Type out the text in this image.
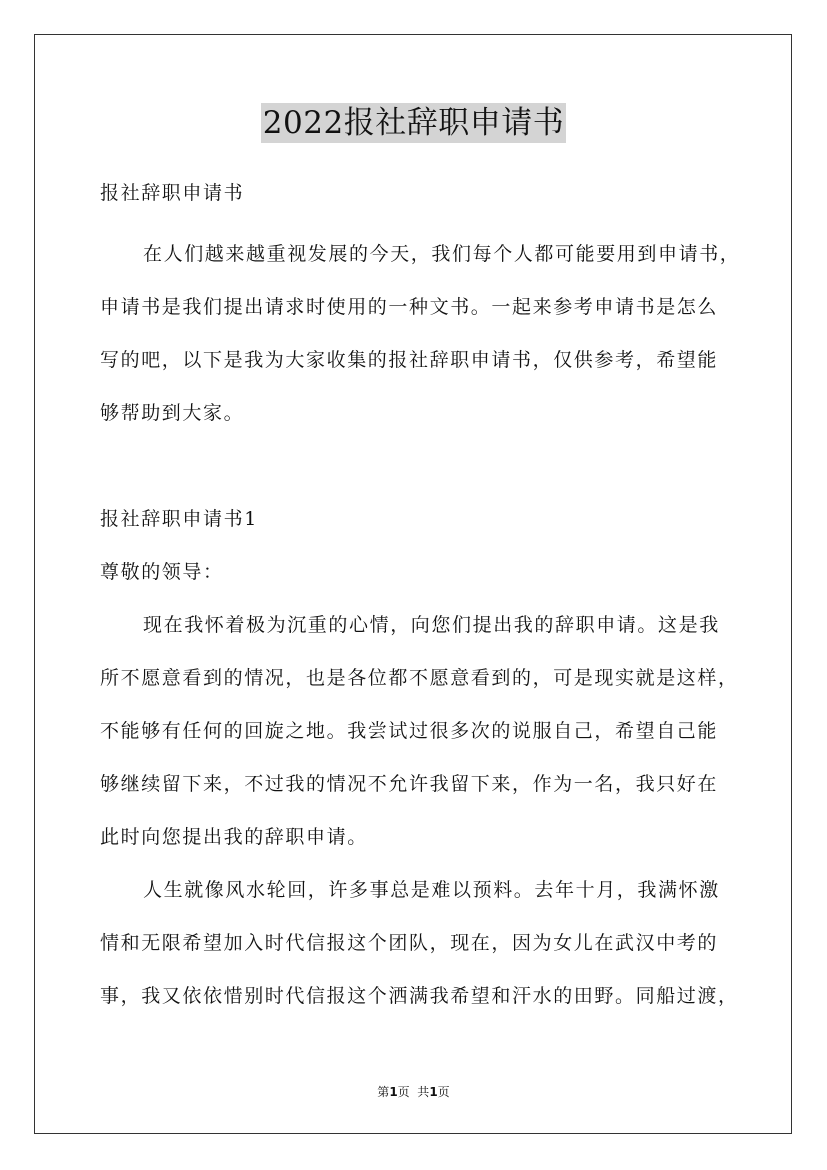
2022报社辞职申请书
报社辞职申请书
在人们越来越重视发展的今天，我们每个人都可能要用到申请书，
申请书是我们提出请求时使用的一种文书。一起来参考申请书是怎么
写的吧，以下是我为大家收集的报社辞职申请书，仅供参考，希望能
够帮助到大家。
报社辞职申请书1
尊敬的领导：
现在我怀着极为沉重的心情，向您们提出我的辞职申请。这是我
所不愿意看到的情况，也是各位都不愿意看到的，可是现实就是这样，
不能够有任何的回旋之地。我尝试过很多次的说服自己，希望自己能
够继续留下来，不过我的情况不允许我留下来，作为一名，我只好在
此时向您提出我的辞职申请。
人生就像风水轮回，许多事总是难以预料。去年十月，我满怀激
情和无限希望加入时代信报这个团队，现在，因为女儿在武汉中考的
事，我又依依惜别时代信报这个洒满我希望和汗水的田野。同船过渡，
第1页  共1页
